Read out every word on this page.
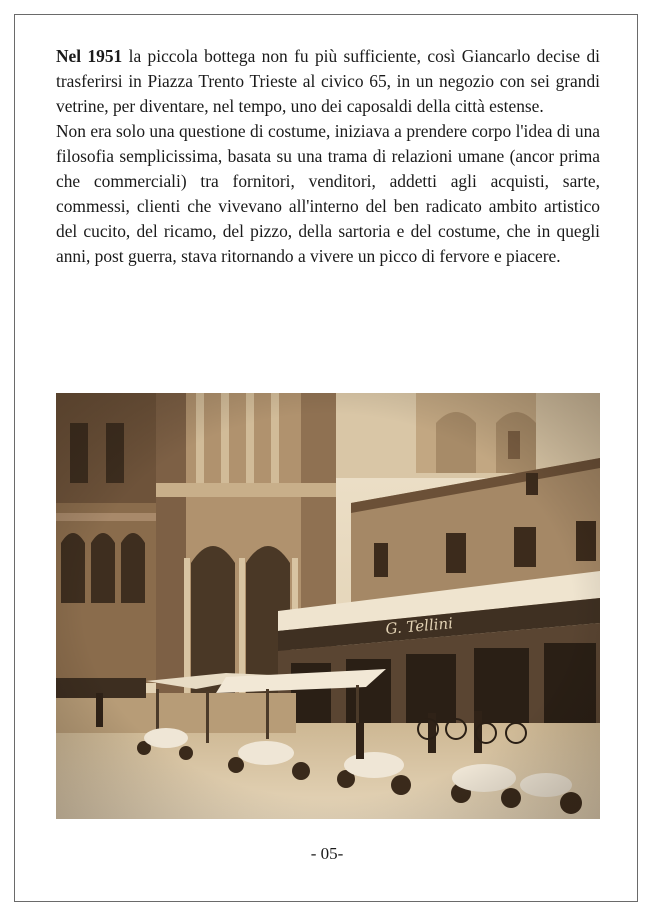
Nel 1951 la piccola bottega non fu più sufficiente, così Giancarlo decise di trasferirsi in Piazza Trento Trieste al civico 65, in un negozio con sei grandi vetrine, per diventare, nel tempo, uno dei caposaldi della città estense.

Non era solo una questione di costume, iniziava a prendere corpo l'idea di una filosofia semplicissima, basata su una trama di relazioni umane (ancor prima che commerciali) tra fornitori, venditori, addetti agli acquisti, sarte, commessi, clienti che vivevano all'interno del ben radicato ambito artistico del cucito, del ricamo, del pizzo, della sartoria e del costume, che in quegli anni, post guerra, stava ritornando a vivere un picco di fervore e piacere.

- 05-
